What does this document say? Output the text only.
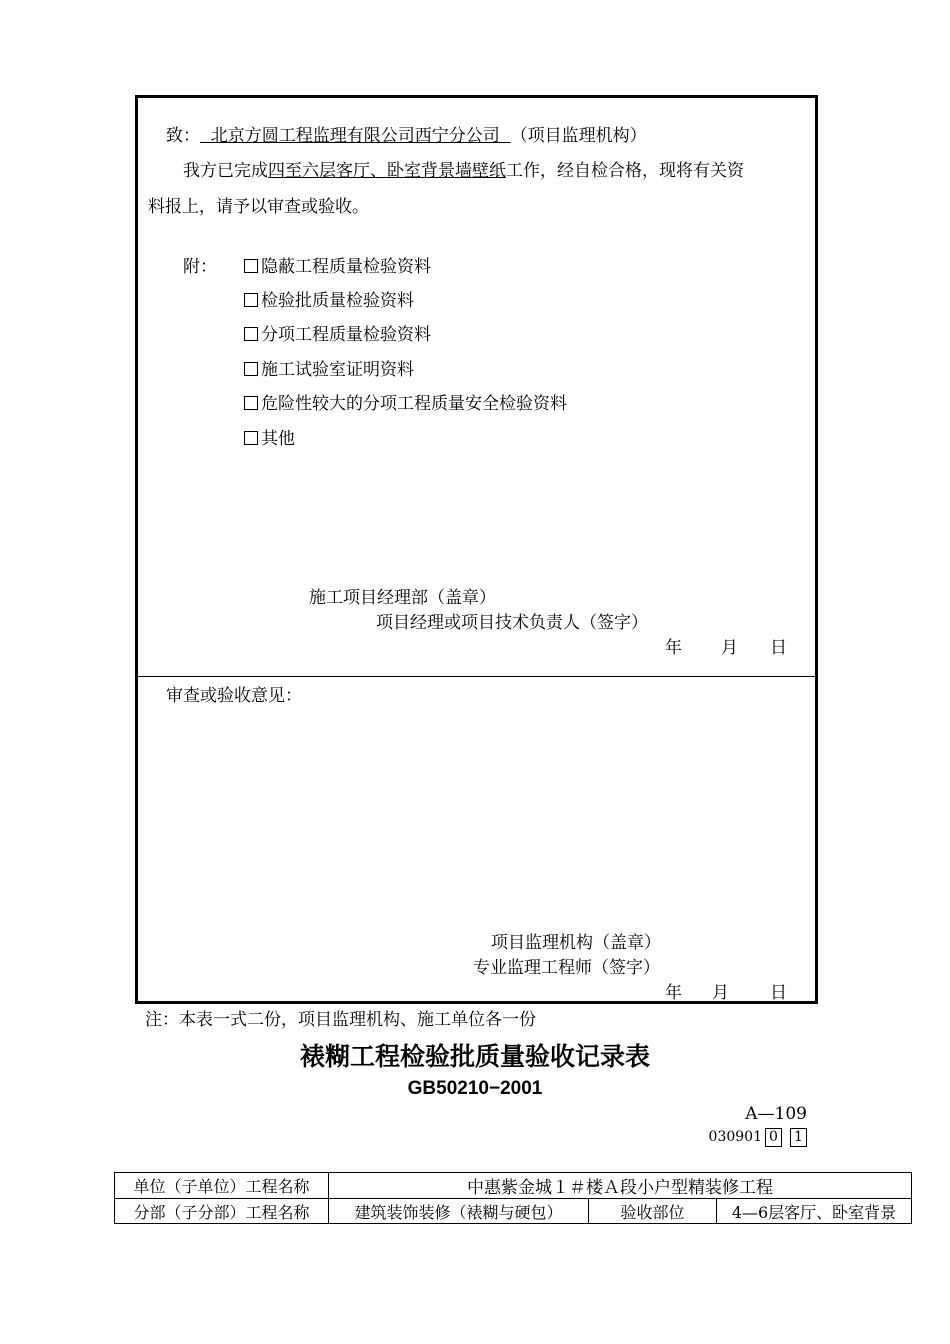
致：  北京方圆工程监理有限公司西宁分公司  （项目监理机构）
我方已完成四至六层客厅、卧室背景墙壁纸工作，经自检合格，现将有关资
料报上，请予以审查或验收。
附：	隐蔽工程质量检验资料
检验批质量检验资料
分项工程质量检验资料
施工试验室证明资料
危险性较大的分项工程质量安全检验资料
其他
施工项目经理部（盖章）
项目经理或项目技术负责人（签字）
年 月 日
审查或验收意见：
项目监理机构（盖章）
专业监理工程师（签字）
年 月 日
注：本表一式二份，项目监理机构、施工单位各一份
裱糊工程检验批质量验收记录表
GB50210−2001
A—109
030901 0 1
单位（子单位）工程名称	中惠紫金城１＃楼Ａ段小户型精装修工程		
分部（子分部）工程名称	建筑装饰装修（裱糊与硬包）	验收部位	4—6层客厅、卧室背景
